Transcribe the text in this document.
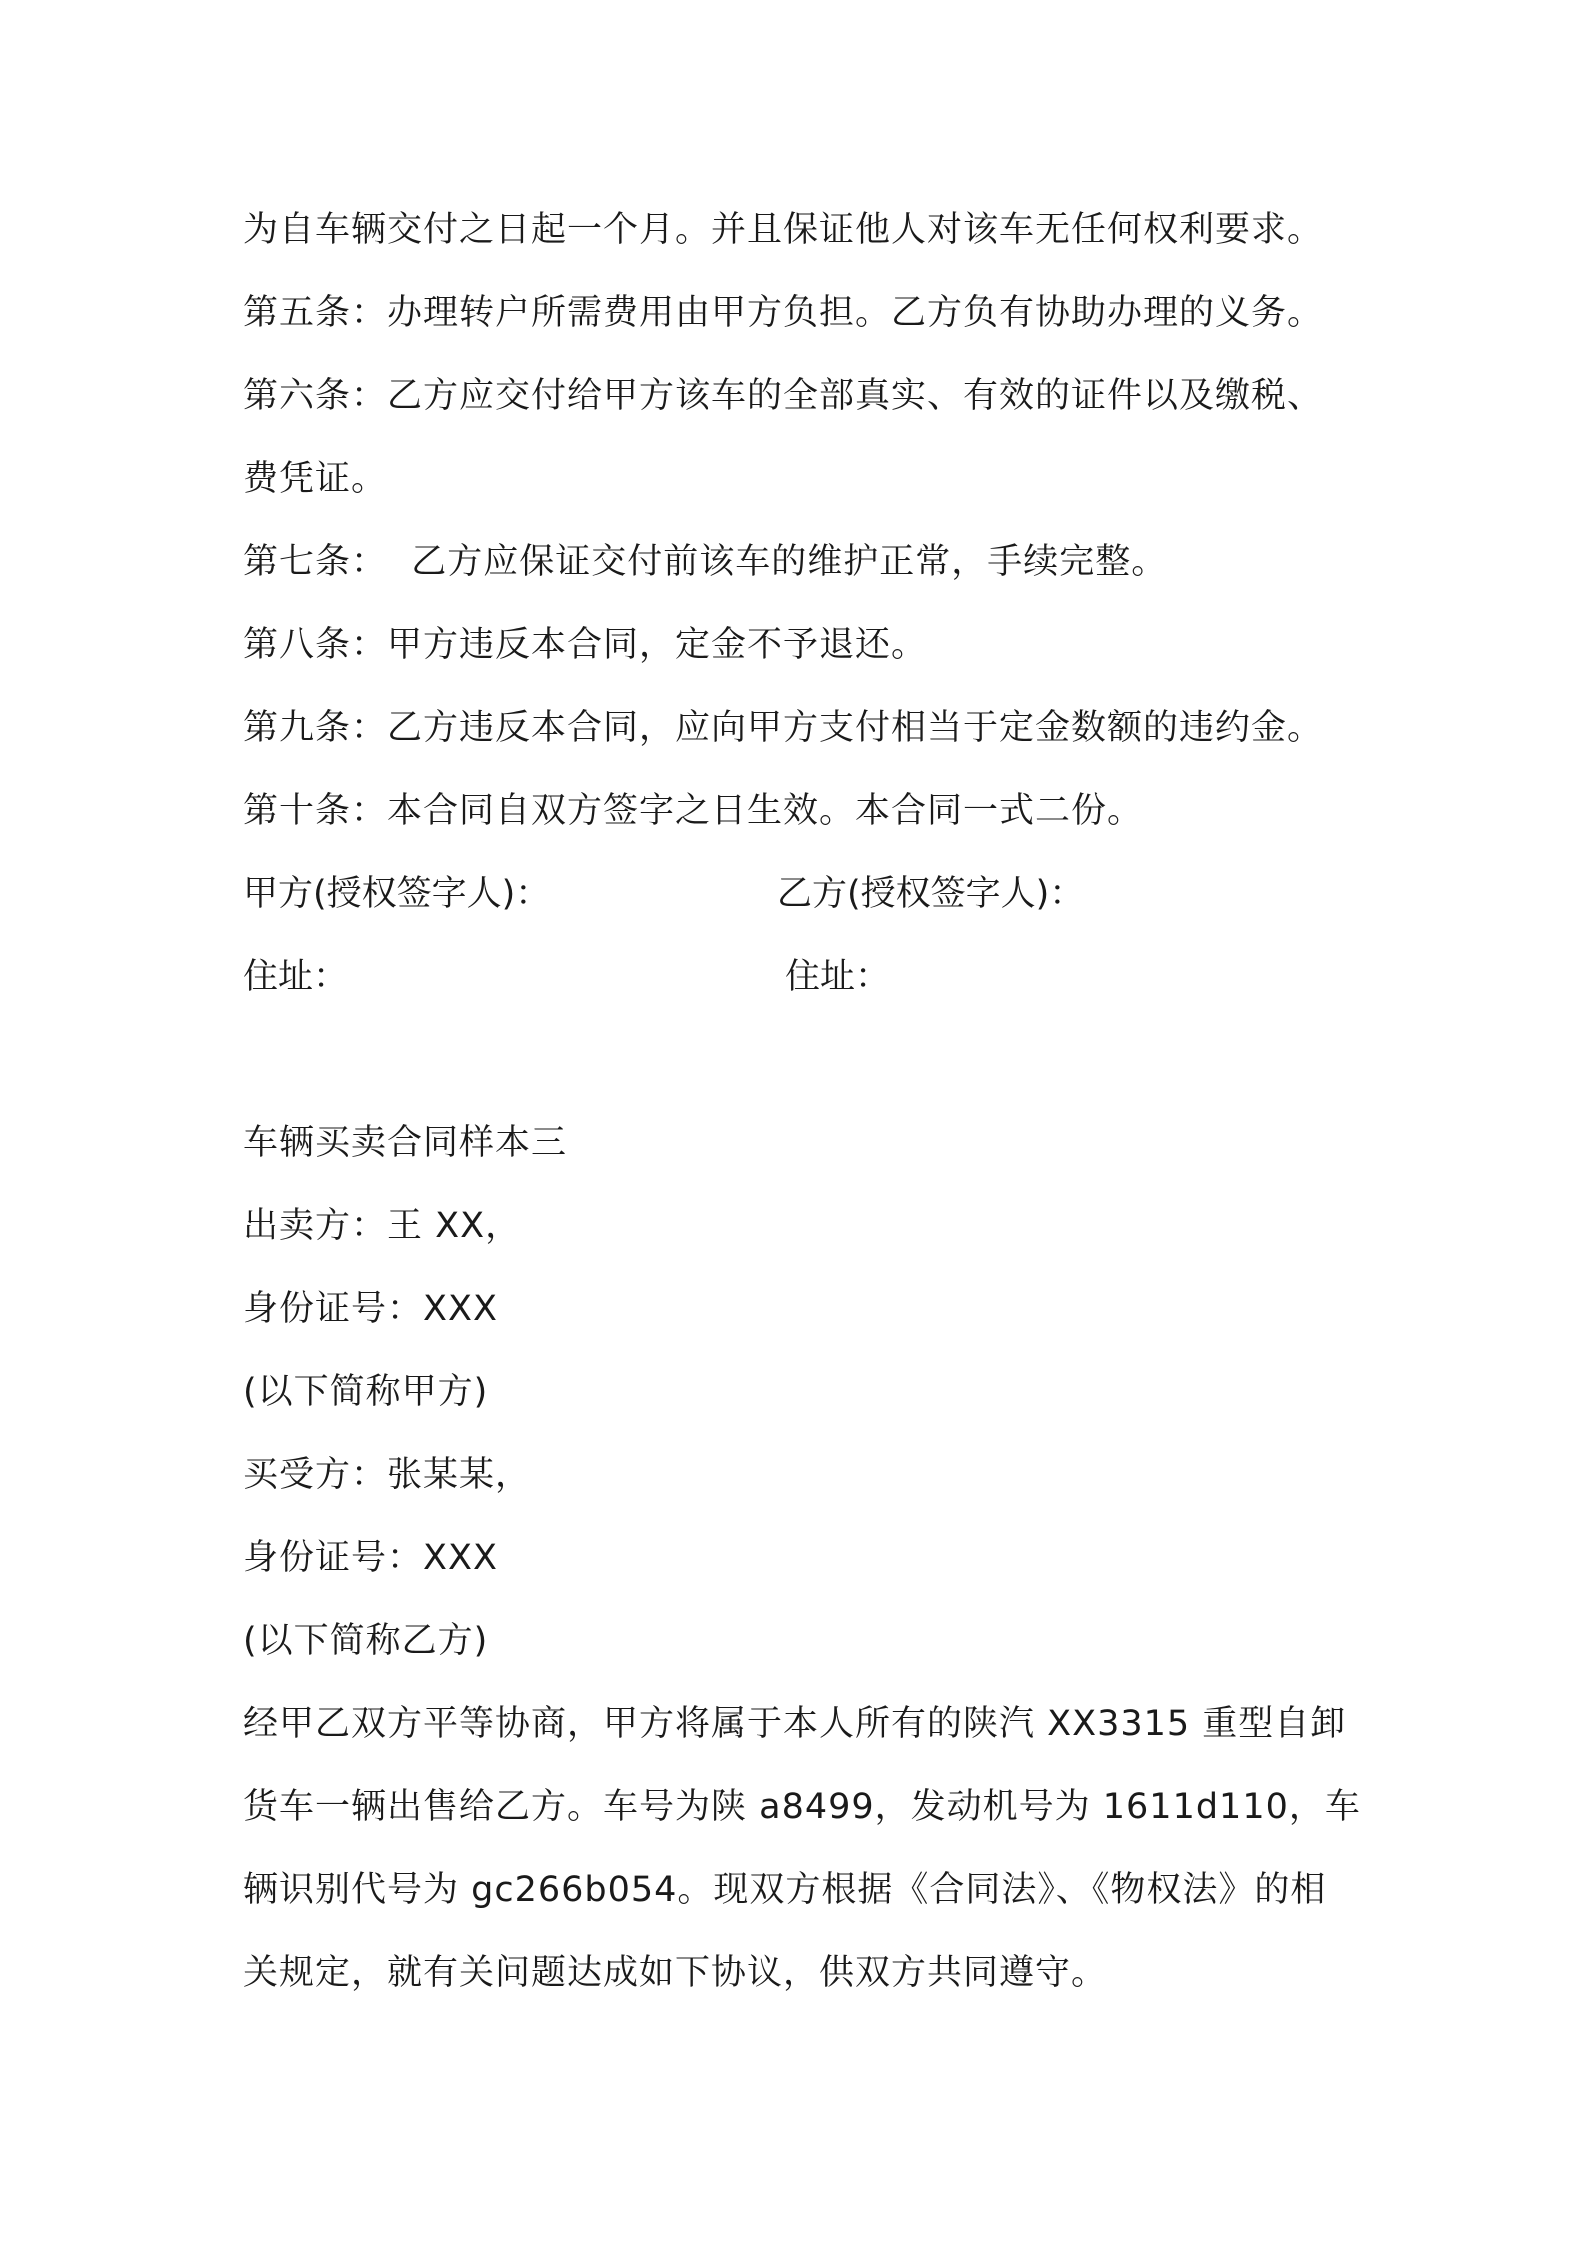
为自车辆交付之日起一个月。并且保证他人对该车无任何权利要求。
第五条：办理转户所需费用由甲方负担。乙方负有协助办理的义务。
第六条：乙方应交付给甲方该车的全部真实、有效的证件以及缴税、
费凭证。
第七条：  乙方应保证交付前该车的维护正常，手续完整。
第八条：甲方违反本合同，定金不予退还。
第九条：乙方违反本合同，应向甲方支付相当于定金数额的违约金。
第十条：本合同自双方签字之日生效。本合同一式二份。
甲方(授权签字人)：	乙方(授权签字人)：
住址：	住址：
车辆买卖合同样本三
出卖方：王 XX，
身份证号：XXX
(以下简称甲方)
买受方：张某某，
身份证号：XXX
(以下简称乙方)
经甲乙双方平等协商，甲方将属于本人所有的陕汽 XX3315 重型自卸
货车一辆出售给乙方。车号为陕 a8499，发动机号为 1611d110，车
辆识别代号为 gc266b054。现双方根据《合同法》、《物权法》的相
关规定，就有关问题达成如下协议，供双方共同遵守。
